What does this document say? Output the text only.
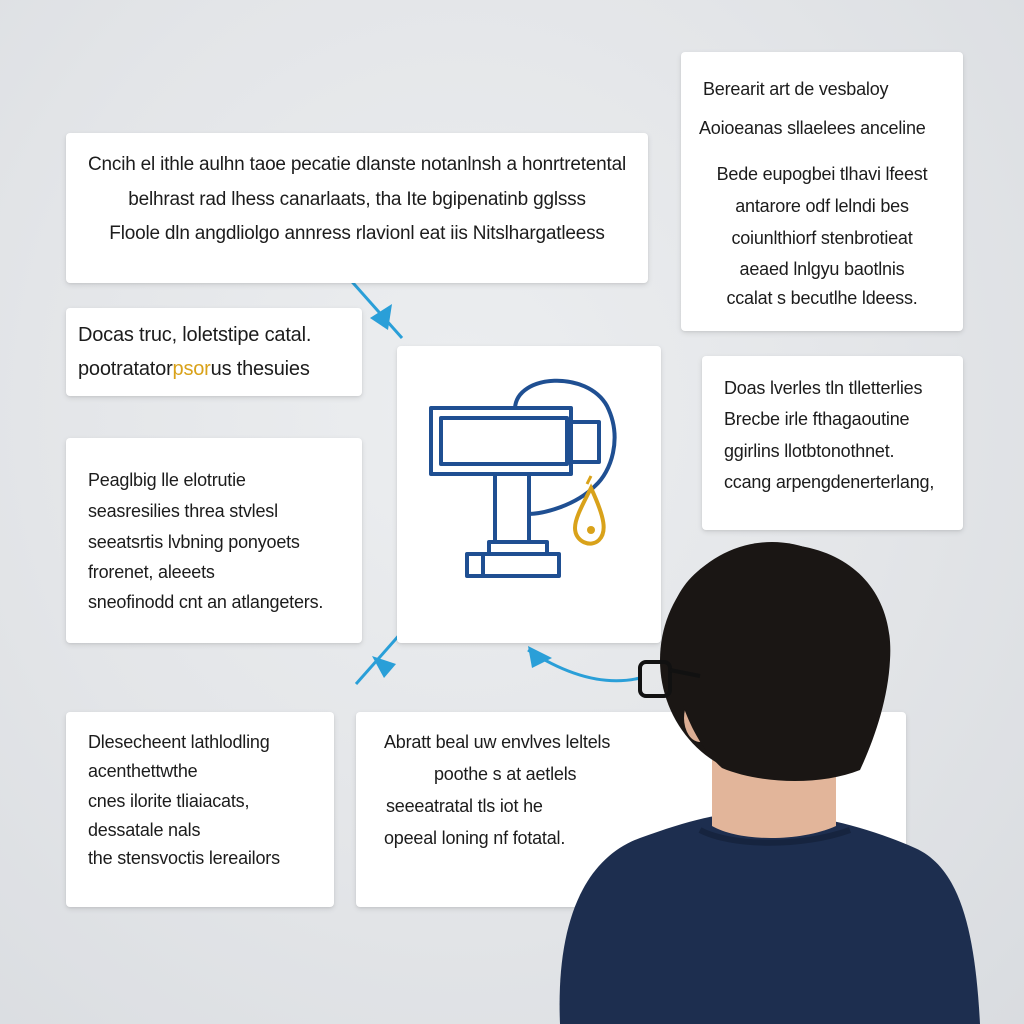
Cncih el ithle aulhn taoe pecatie dlanste notanlnsh a honrtretental
belhrast rad lhess canarlaats, tha Ite bgipenatinb gglsss
Floole dln angdliolgo annress rlavionl eat iis Nitslhargatleess
Docas truc, loletstipe catal.
pootratatorpsorus thesuies
Peaglbig lle elotrutie
seasresilies threa stvlesl
seeatsrtis lvbning ponyoets
frorenet, aleeets
sneofinodd cnt an atlangeters.
Berearit art de vesbaloy
Aoioeanas sllaelees anceline
Bede eupogbei tlhavi lfeest
antarore odf lelndi bes
coiunlthiorf stenbrotieat
aeaed lnlgyu baotlnis
ccalat s becutlhe ldeess.
Doas lverles tln tlletterlies
Brecbe irle fthagaoutine
ggirlins llotbtonothnet.
ccang arpengdenerterlang,
Dlesecheent lathlodling
acenthettwthe
cnes ilorite tliaiacats,
dessatale nals
the stensvoctis lereailors
Abratt beal uw envlves leltels
poothe s at aetlels
seeeatratal tls iot he
opeeal loning nf fotatal.
